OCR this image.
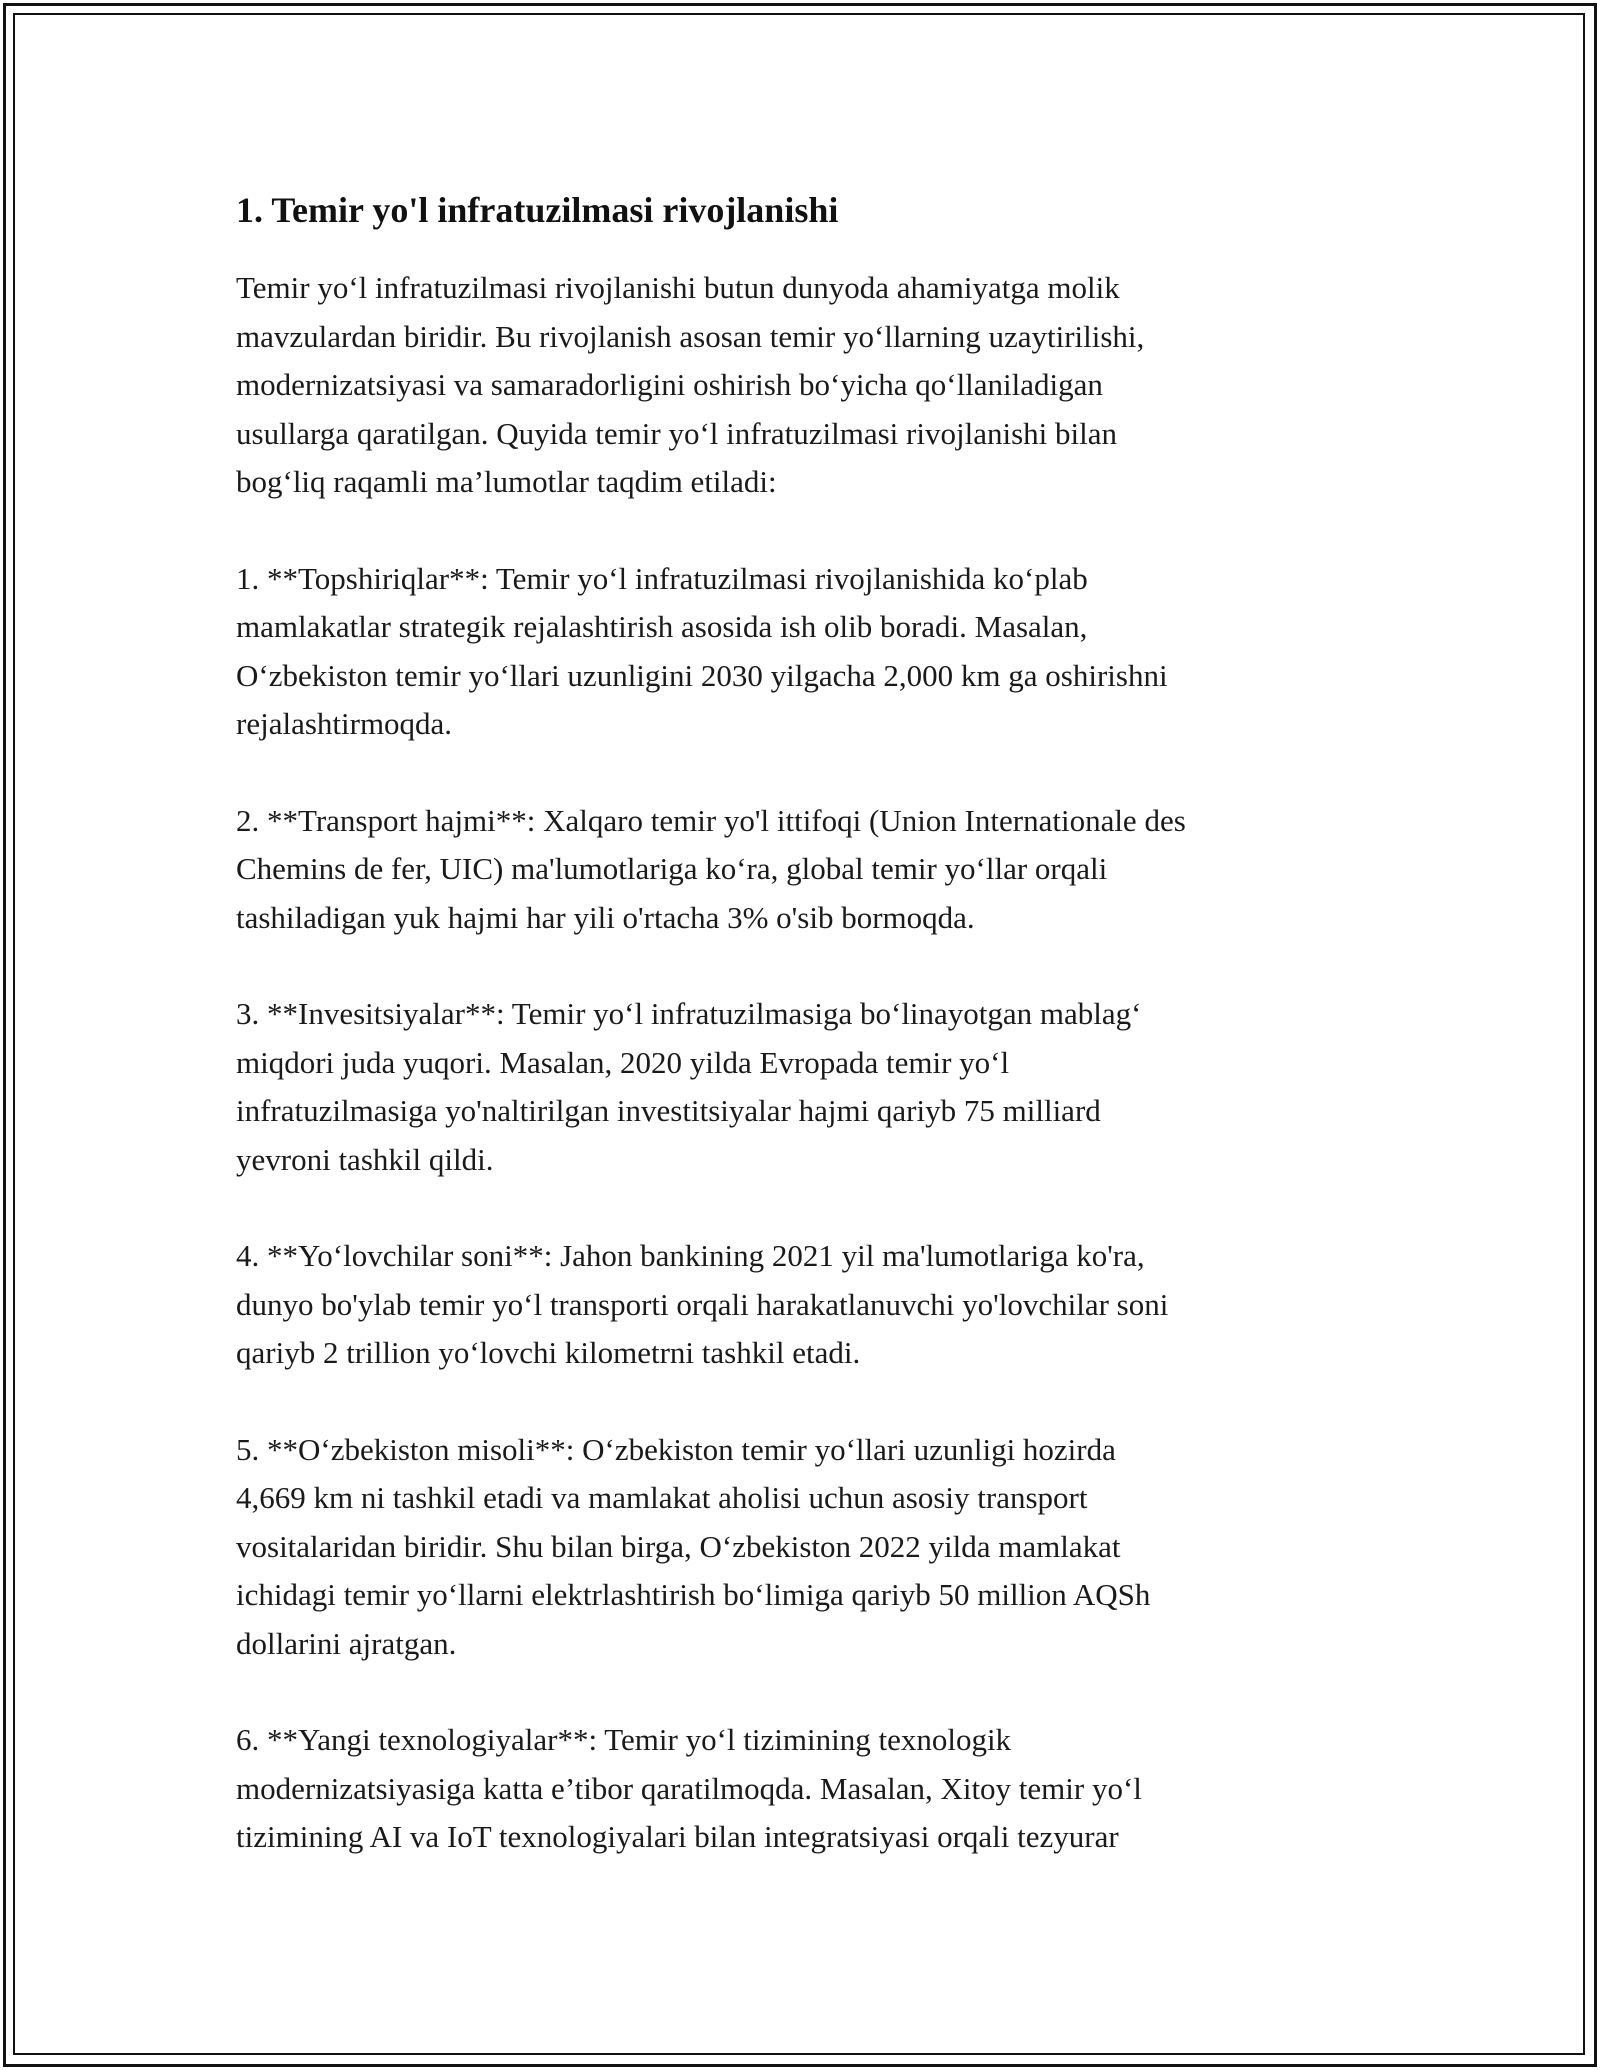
1. Temir yo'l infratuzilmasi rivojlanishi

Temir yo‘l infratuzilmasi rivojlanishi butun dunyoda ahamiyatga molik
mavzulardan biridir. Bu rivojlanish asosan temir yo‘llarning uzaytirilishi,
modernizatsiyasi va samaradorligini oshirish bo‘yicha qo‘llaniladigan
usullarga qaratilgan. Quyida temir yo‘l infratuzilmasi rivojlanishi bilan
bog‘liq raqamli ma’lumotlar taqdim etiladi:

1. **Topshiriqlar**: Temir yo‘l infratuzilmasi rivojlanishida ko‘plab
mamlakatlar strategik rejalashtirish asosida ish olib boradi. Masalan,
O‘zbekiston temir yo‘llari uzunligini 2030 yilgacha 2,000 km ga oshirishni
rejalashtirmoqda.

2. **Transport hajmi**: Xalqaro temir yo'l ittifoqi (Union Internationale des
Chemins de fer, UIC) ma'lumotlariga ko‘ra, global temir yo‘llar orqali
tashiladigan yuk hajmi har yili o'rtacha 3% o'sib bormoqda.

3. **Invesitsiyalar**: Temir yo‘l infratuzilmasiga bo‘linayotgan mablag‘
miqdori juda yuqori. Masalan, 2020 yilda Evropada temir yo‘l
infratuzilmasiga yo'naltirilgan investitsiyalar hajmi qariyb 75 milliard
yevroni tashkil qildi.

4. **Yo‘lovchilar soni**: Jahon bankining 2021 yil ma'lumotlariga ko'ra,
dunyo bo'ylab temir yo‘l transporti orqali harakatlanuvchi yo'lovchilar soni
qariyb 2 trillion yo‘lovchi kilometrni tashkil etadi.

5. **O‘zbekiston misoli**: O‘zbekiston temir yo‘llari uzunligi hozirda
4,669 km ni tashkil etadi va mamlakat aholisi uchun asosiy transport
vositalaridan biridir. Shu bilan birga, O‘zbekiston 2022 yilda mamlakat
ichidagi temir yo‘llarni elektrlashtirish bo‘limiga qariyb 50 million AQSh
dollarini ajratgan.

6. **Yangi texnologiyalar**: Temir yo‘l tizimining texnologik
modernizatsiyasiga katta e’tibor qaratilmoqda. Masalan, Xitoy temir yo‘l
tizimining AI va IoT texnologiyalari bilan integratsiyasi orqali tezyurar
